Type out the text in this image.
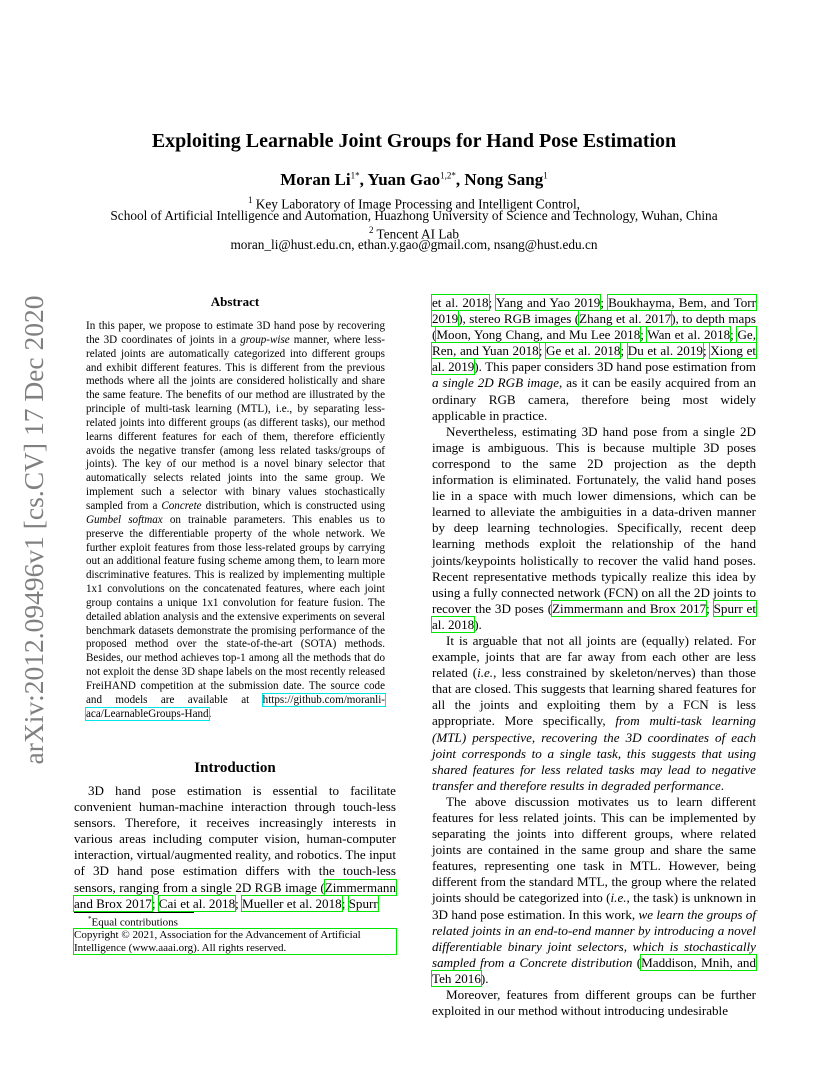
Exploiting Learnable Joint Groups for Hand Pose Estimation
Moran $Li^{1*}$, Yuan Gao$^{1,2*}$, Nong Sang$^1$
$^1$ Key Laboratory of Image Processing and Intelligent Control,
School of Artificial Intelligence and Automation, Huazhong University of Science and Technology, Wuhan, China
$^2$ Tencent AI Lab
moran_li@hust.edu.cn, ethan.y.gao@gmail.com, nsang@hust.edu.cn
arXiv:2012.09496v1 [cs.CV] 17 Dec 2020	Abstract
In this paper, we propose to estimate 3D hand pose by recovering the 3D coordinates of joints in a group-wise manner, where less-related joints are automatically categorized into different groups and exhibit different features. This is different from the previous methods where all the joints are considered holistically and share the same feature. The benefits of our method are illustrated by the principle of multi-task learning (MTL), i.e., by separating less-related joints into different groups (as different tasks), our method learns different features for each of them, therefore efficiently avoids the negative transfer (among less related tasks/groups of joints). The key of our method is a novel binary selector that automatically selects related joints into the same group. We implement such a selector with binary values stochastically sampled from a Concrete distribution, which is constructed using Gumbel softmax on trainable parameters. This enables us to preserve the differentiable property of the whole network. We further exploit features from those less-related groups by carrying out an additional feature fusing scheme among them, to learn more discriminative features. This is realized by implementing multiple 1x1 convolutions on the concatenated features, where each joint group contains a unique 1x1 convolution for feature fusion. The detailed ablation analysis and the extensive experiments on several benchmark datasets demonstrate the promising performance of the proposed method over the state-of-the-art (SOTA) methods. Besides, our method achieves top-1 among all the methods that do not exploit the dense 3D shape labels on the most recently released FreiHAND competition at the submission date. The source code and models are available at https://github.com/moranli-aca/LearnableGroups-Hand.
Introduction

3D hand pose estimation is essential to facilitate convenient human-machine interaction through touch-less sensors. Therefore, it receives increasingly interests in various areas including computer vision, human-computer interaction, virtual/augmented reality, and robotics. The input of 3D hand pose estimation differs with the touch-less sensors, ranging from a single 2D RGB image (Zimmermann and Brox 2017; Cai et al. 2018; Mueller et al. 2018; Spurr

et al. 2018; Yang and Yao 2019; Boukhayma, Bem, and Torr 2019), stereo RGB images (Zhang et al. 2017), to depth maps (Moon, Yong Chang, and Mu Lee 2018; Wan et al. 2018; Ge, Ren, and Yuan 2018; Ge et al. 2018; Du et al. 2019; Xiong et al. 2019). This paper considers 3D hand pose estimation from a single 2D RGB image, as it can be easily acquired from an ordinary RGB camera, therefore being most widely applicable in practice.

Nevertheless, estimating 3D hand pose from a single 2D image is ambiguous. This is because multiple 3D poses correspond to the same 2D projection as the depth information is eliminated. Fortunately, the valid hand poses lie in a space with much lower dimensions, which can be learned to alleviate the ambiguities in a data-driven manner by deep learning technologies. Specifically, recent deep learning methods exploit the relationship of the hand joints/keypoints holistically to recover the valid hand poses. Recent representative methods typically realize this idea by using a fully connected network (FCN) on all the 2D joints to recover the 3D poses (Zimmermann and Brox 2017; Spurr et al. 2018).

It is arguable that not all joints are (equally) related. For example, joints that are far away from each other are less related (i.e., less constrained by skeleton/nerves) than those that are closed. This suggests that learning shared features for all the joints and exploiting them by a FCN is less appropriate. More specifically, from multi-task learning (MTL) perspective, recovering the 3D coordinates of each joint corresponds to a single task, this suggests that using shared features for less related tasks may lead to negative transfer and therefore results in degraded performance.

The above discussion motivates us to learn different features for less related joints. This can be implemented by separating the joints into different groups, where related joints are contained in the same group and share the same features, representing one task in MTL. However, being different from the standard MTL, the group where the related joints should be categorized into (i.e., the task) is unknown in 3D hand pose estimation. In this work, we learn the groups of related joints in an end-to-end manner by introducing a novel differentiable binary joint selectors, which is stochastically sampled from a Concrete distribution (Maddison, Mnih, and Teh 2016).

Moreover, features from different groups can be further exploited in our method without introducing undesirable

*Equal contributions
Copyright © 2021, Association for the Advancement of Artificial Intelligence (www.aaai.org). All rights reserved.
